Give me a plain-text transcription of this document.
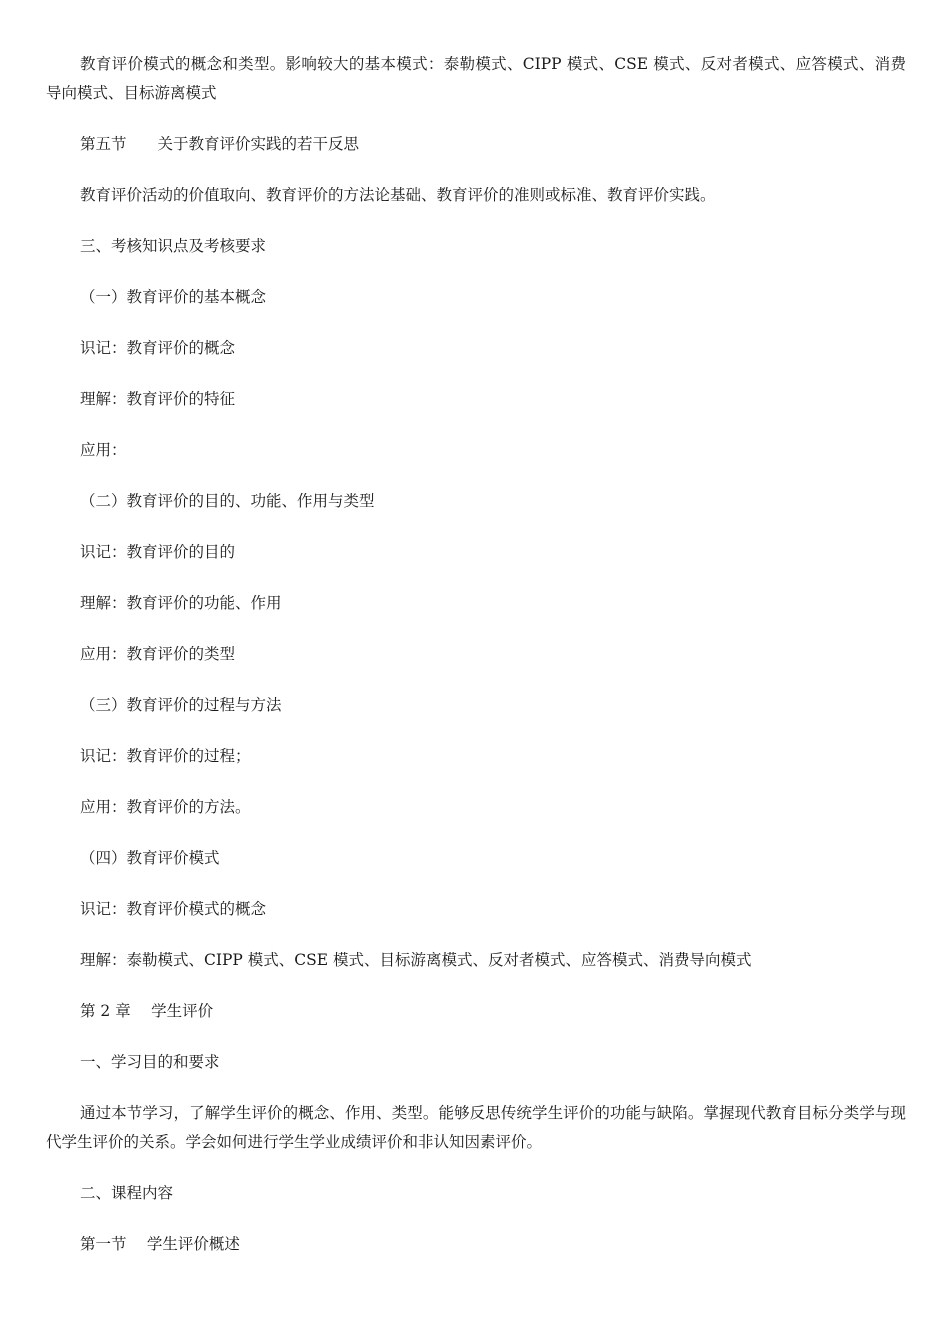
教育评价模式的概念和类型。影响较大的基本模式：泰勒模式、CIPP 模式、CSE 模式、反对者模式、应答模式、消费导向模式、目标游离模式

第五节　　关于教育评价实践的若干反思

教育评价活动的价值取向、教育评价的方法论基础、教育评价的准则或标准、教育评价实践。

三、考核知识点及考核要求

（一）教育评价的基本概念

识记：教育评价的概念

理解：教育评价的特征

应用：

（二）教育评价的目的、功能、作用与类型

识记：教育评价的目的

理解：教育评价的功能、作用

应用：教育评价的类型

（三）教育评价的过程与方法

识记：教育评价的过程；

应用：教育评价的方法。

（四）教育评价模式

识记：教育评价模式的概念

理解：泰勒模式、CIPP 模式、CSE 模式、目标游离模式、反对者模式、应答模式、消费导向模式

第 2 章　 学生评价

一、学习目的和要求

通过本节学习，了解学生评价的概念、作用、类型。能够反思传统学生评价的功能与缺陷。掌握现代教育目标分类学与现代学生评价的关系。学会如何进行学生学业成绩评价和非认知因素评价。

二、课程内容

第一节　 学生评价概述
